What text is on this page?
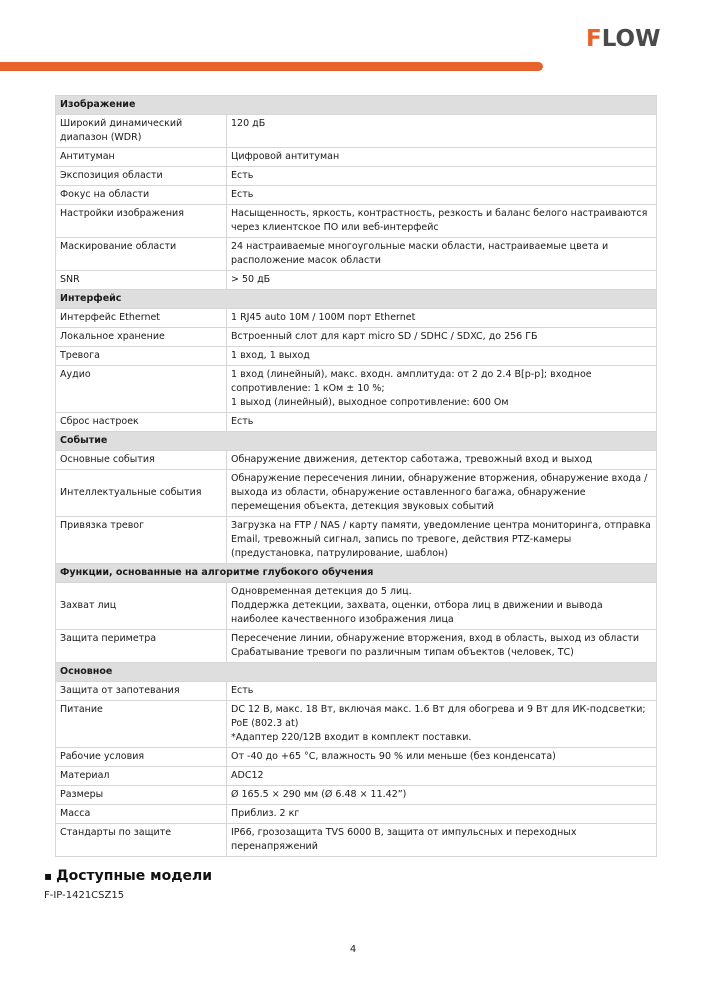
FLOW
Изображение	
Широкий динамический диапазон (WDR)	120 дБ
Антитуман	Цифровой антитуман
Экспозиция области	Есть
Фокус на области	Есть
Настройки изображения	Насыщенность, яркость, контрастность, резкость и баланс белого настраиваются через клиентское ПО или веб-интерфейс
Маскирование области	24 настраиваемые многоугольные маски области, настраиваемые цвета и расположение масок области
SNR	> 50 дБ
Интерфейс	
Интерфейс Ethernet	1 RJ45 auto 10M / 100M порт Ethernet
Локальное хранение	Встроенный слот для карт micro SD / SDHC / SDXC, до 256 ГБ
Тревога	1 вход, 1 выход
Аудио	1 вход (линейный), макс. входн. амплитуда: от 2 до 2.4 В[p-p]; входное сопротивление: 1 кОм ± 10 %;
1 выход (линейный), выходное сопротивление: 600 Ом
Сброс настроек	Есть
Событие	
Основные события	Обнаружение движения, детектор саботажа, тревожный вход и выход
Интеллектуальные события	Обнаружение пересечения линии, обнаружение вторжения, обнаружение входа / выхода из области, обнаружение оставленного багажа, обнаружение перемещения объекта, детекция звуковых событий
Привязка тревог	Загрузка на FTP / NAS / карту памяти, уведомление центра мониторинга, отправка Email, тревожный сигнал, запись по тревоге, действия PTZ-камеры (предустановка, патрулирование, шаблон)
Функции, основанные на алгоритме глубокого обучения	
Захват лиц	Одновременная детекция до 5 лиц.
Поддержка детекции, захвата, оценки, отбора лиц в движении и вывода наиболее качественного изображения лица
Защита периметра	Пересечение линии, обнаружение вторжения, вход в область, выход из области
Срабатывание тревоги по различным типам объектов (человек, ТС)
Основное	
Защита от запотевания	Есть
Питание	DC 12 В, макс. 18 Вт, включая макс. 1.6 Вт для обогрева и 9 Вт для ИК-подсветки;
PoE (802.3 at)
*Адаптер 220/12В входит в комплект поставки.
Рабочие условия	От -40 до +65 °C, влажность 90 % или меньше (без конденсата)
Материал	ADC12
Размеры	Ø 165.5 × 290 мм (Ø 6.48 × 11.42”)
Масса	Приблиз. 2 кг
Стандарты по защите	IP66, грозозащита TVS 6000 В, защита от импульсных и переходных перенапряжений
▪ Доступные модели
F-IP-1421CSZ15
4
